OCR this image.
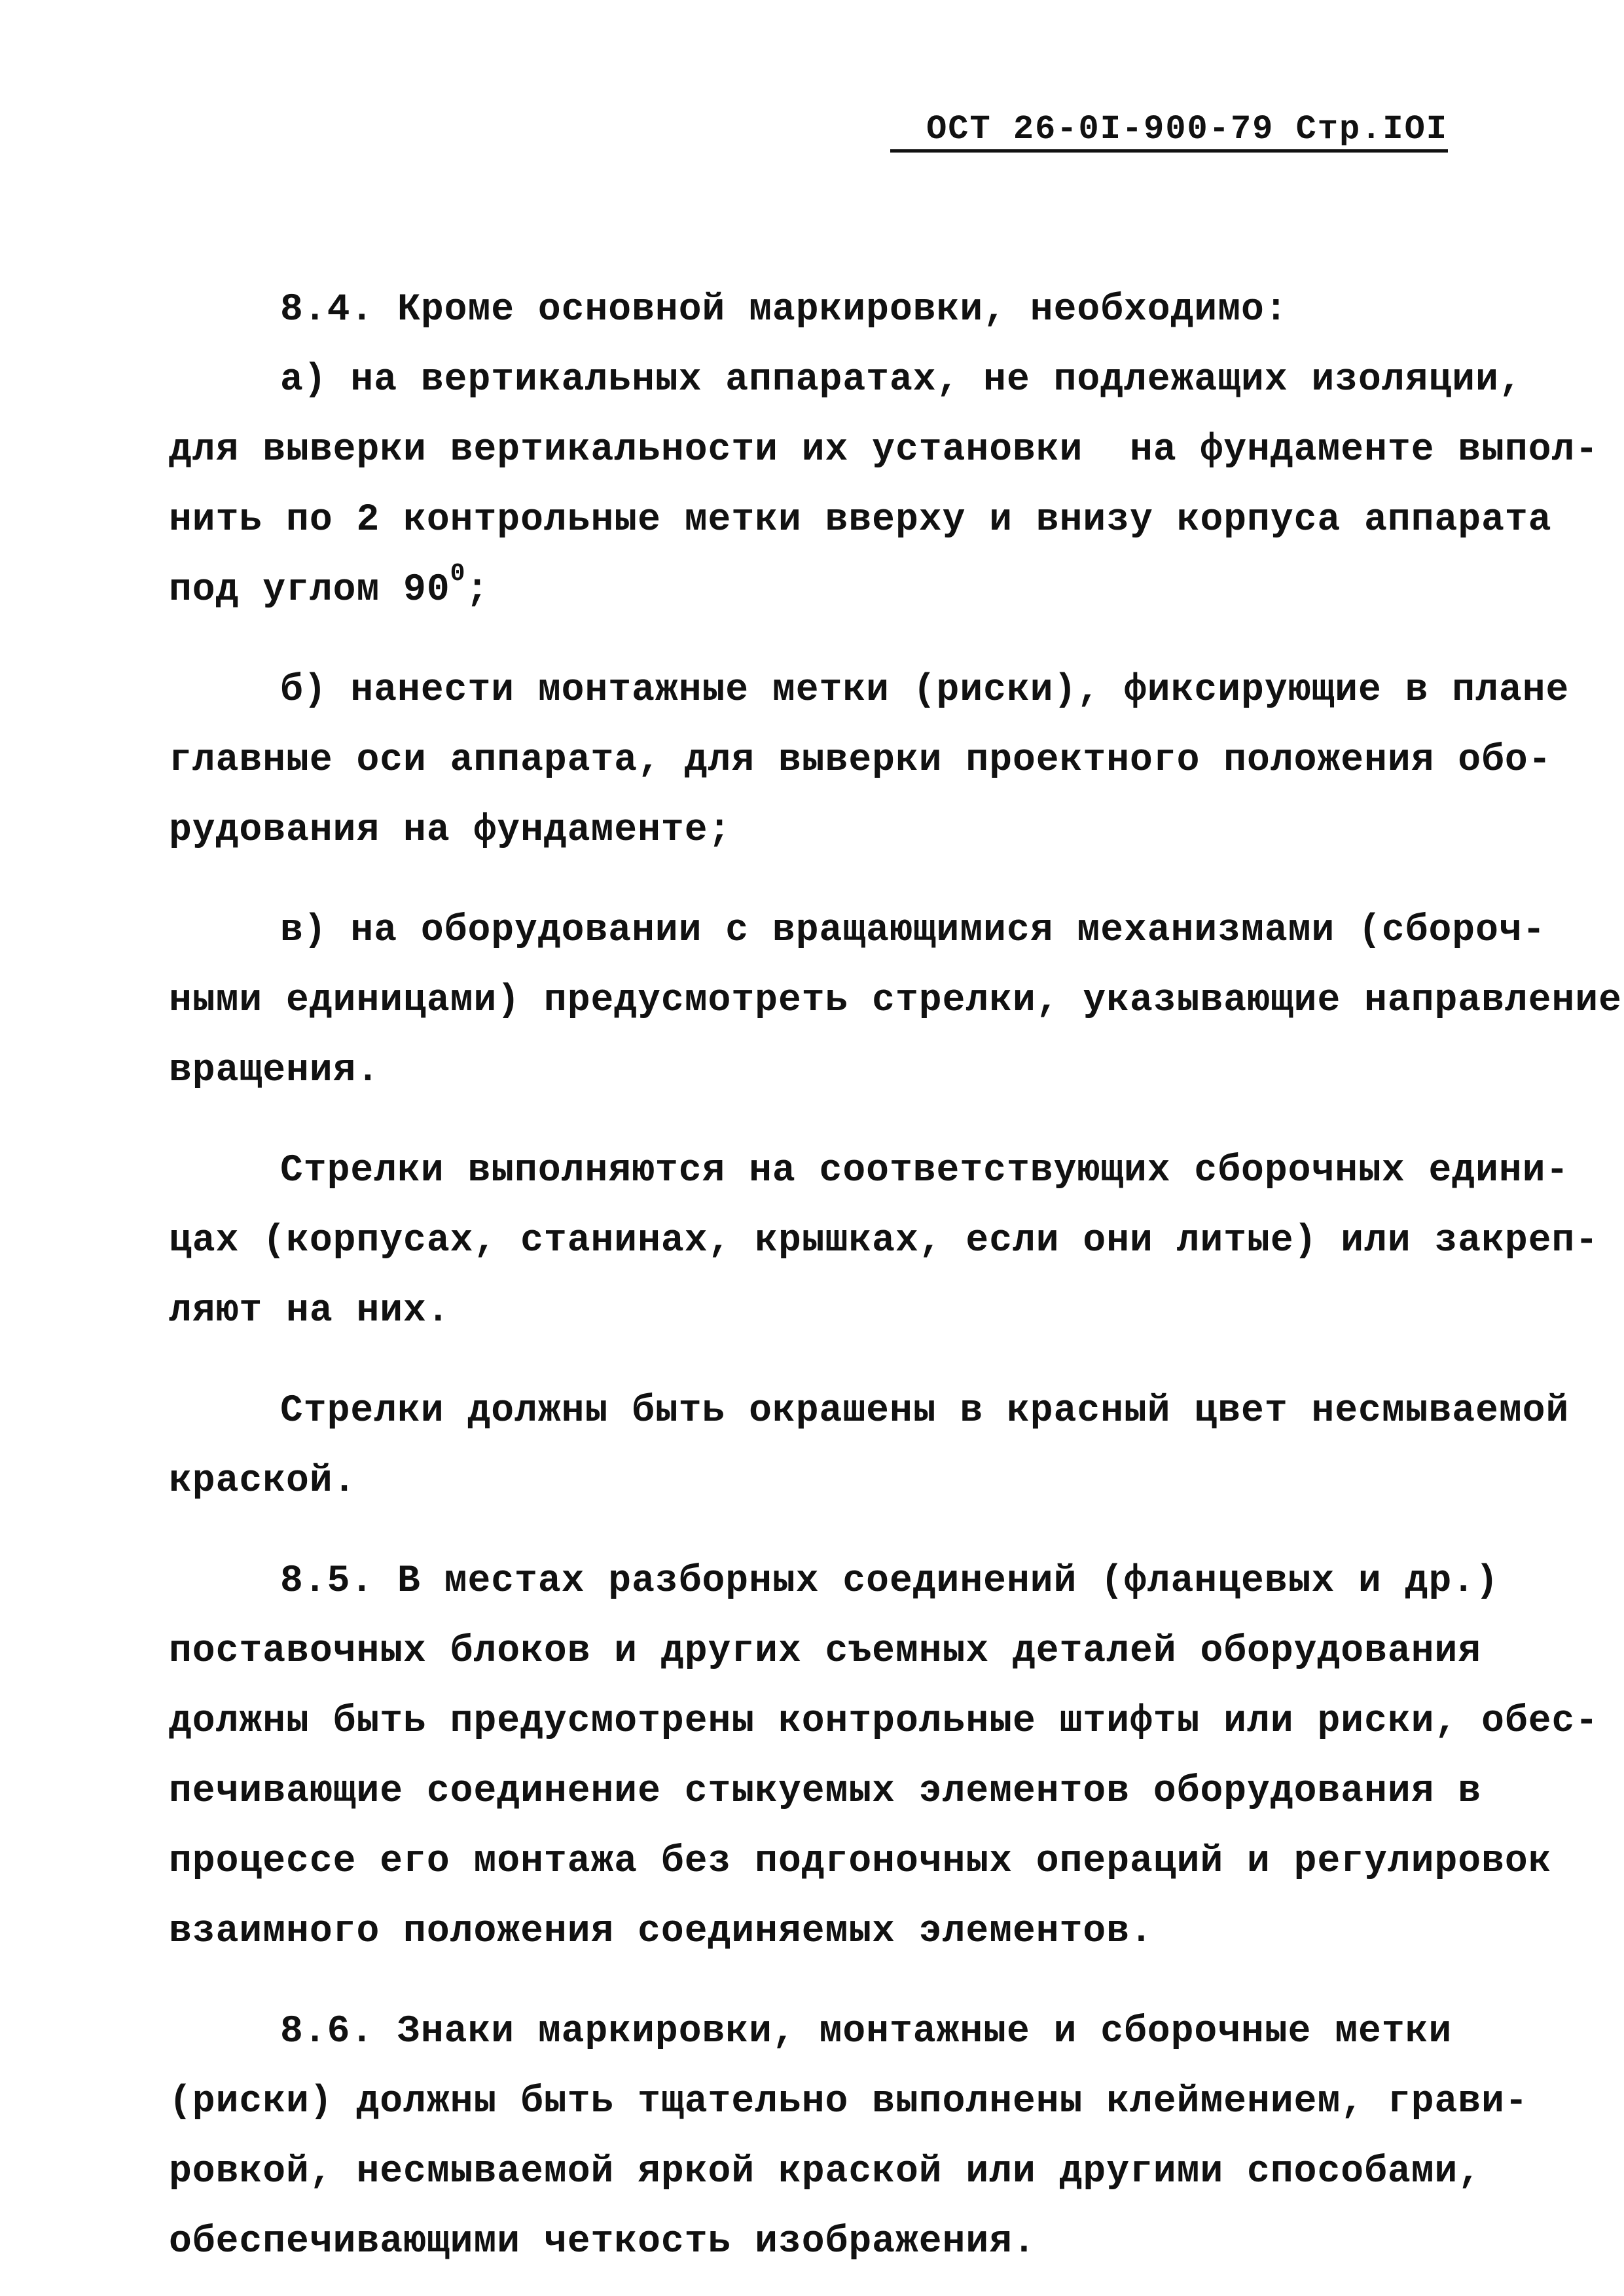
ОСТ 26-0I-900-79 Стр.IOI
8.4. Кроме основной маркировки, необходимо:
а) на вертикальных аппаратах, не подлежащих изоляции,
для выверки вертикальности их установки  на фундаменте выпол-
нить по 2 контрольные метки вверху и внизу корпуса аппарата
под углом $90^0$;
б) нанести монтажные метки (риски), фиксирующие в плане
главные оси аппарата, для выверки проектного положения обо-
рудования на фундаменте;
в) на оборудовании с вращающимися механизмами (сбороч-
ными единицами) предусмотреть стрелки, указывающие направление
вращения.
Стрелки выполняются на соответствующих сборочных едини-
цах (корпусах, станинах, крышках, если они литые) или закреп-
ляют на них.
Стрелки должны быть окрашены в красный цвет несмываемой
краской.
8.5. В местах разборных соединений (фланцевых и др.)
поставочных блоков и других съемных деталей оборудования
должны быть предусмотрены контрольные штифты или риски, обес-
печивающие соединение стыкуемых элементов оборудования в
процессе его монтажа без подгоночных операций и регулировок
взаимного положения соединяемых элементов.
8.6. Знаки маркировки, монтажные и сборочные метки
(риски) должны быть тщательно выполнены клеймением, грави-
ровкой, несмываемой яркой краской или другими способами,
обеспечивающими четкость изображения.
